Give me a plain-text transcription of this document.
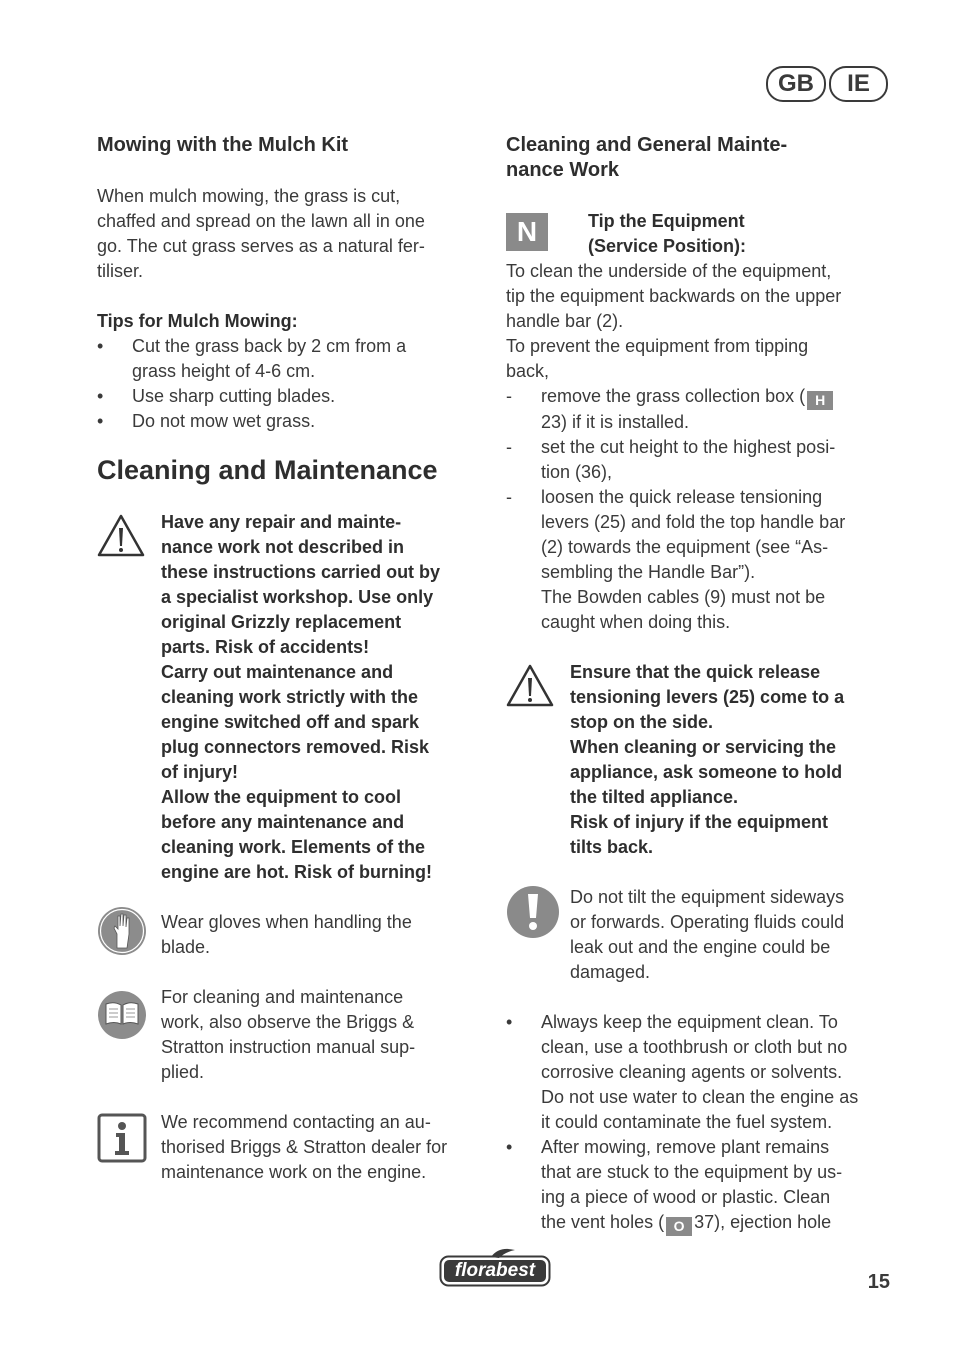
GB	IE
Mowing with the Mulch Kit

When mulch mowing, the grass is cut,

chaffed and spread on the lawn all in one

go. The cut grass serves as a natural fer-

tiliser.

Tips for Mulch Mowing:

• Cut the grass back by 2 cm from a
grass height of 4-6 cm.
• Use sharp cutting blades.
• Do not mow wet grass.
Cleaning and Maintenance

Have any repair and mainte-

nance work not described in

these instructions carried out by

a specialist workshop. Use only

original Grizzly replacement

parts. Risk of accidents!

Carry out maintenance and

cleaning work strictly with the

engine switched off and spark

plug connectors removed. Risk

of injury!

Allow the equipment to cool

before any maintenance and

cleaning work. Elements of the

engine are hot. Risk of burning!

Wear gloves when handling the

blade.

For cleaning and maintenance

work, also observe the Briggs &

Stratton instruction manual sup-

plied.

We recommend contacting an au-

thorised Briggs & Stratton dealer for

maintenance work on the engine.

Cleaning and General Mainte-
nance Work
N	Tip the Equipment

(Service Position):

To clean the underside of the equipment,

tip the equipment backwards on the upper

handle bar (2).

To prevent the equipment from tipping

back,

- remove the grass collection box ( H
23) if it is installed.
- set the cut height to the highest posi-
tion (36),
- loosen the quick release tensioning
levers (25) and fold the top handle bar
(2) towards the equipment (see “As-
sembling the Handle Bar”).
The Bowden cables (9) must not be
caught when doing this.

Ensure that the quick release

tensioning levers (25) come to a

stop on the side.

When cleaning or servicing the

appliance, ask someone to hold

the tilted appliance.

Risk of injury if the equipment

tilts back.

Do not tilt the equipment sideways

or forwards. Operating fluids could

leak out and the engine could be

damaged.

• Always keep the equipment clean. To
clean, use a toothbrush or cloth but no
corrosive cleaning agents or solvents.
Do not use water to clean the engine as
it could contaminate the fuel system.
• After mowing, remove plant remains
that are stuck to the equipment by us-
ing a piece of wood or plastic. Clean
the vent holes ( O 37), ejection hole
florabest
15
